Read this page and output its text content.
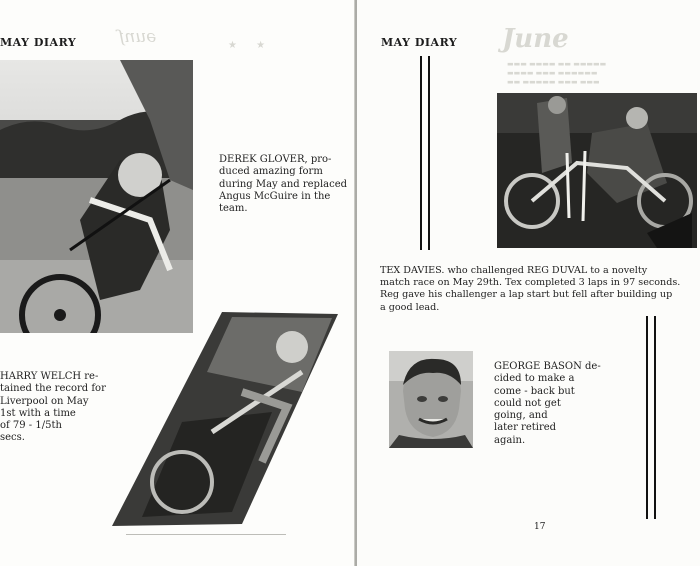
MAY DIARY əunſ	★ ★
DEREK GLOVER, pro-
duced amazing form
during May and replaced
Angus McGuire in the
team.
HARRY WELCH re-
tained the record for
Liverpool on May
1st with a time
of 79 - 1/5th
secs.
MAY DIARY June
▬▬▬ ▬▬▬▬ ▬▬ ▬▬▬▬▬
▬▬▬▬ ▬▬▬ ▬▬▬▬▬▬
▬▬ ▬▬▬▬▬ ▬▬▬ ▬▬▬
TEX DAVIES. who challenged REG DUVAL to a novelty
match race on May 29th. Tex completed 3 laps in 97 seconds.
Reg gave his challenger a lap start but fell after building up
a good lead.
GEORGE BASON de-
cided to make a
come - back but
could not get
going, and
later retired
again.
17
